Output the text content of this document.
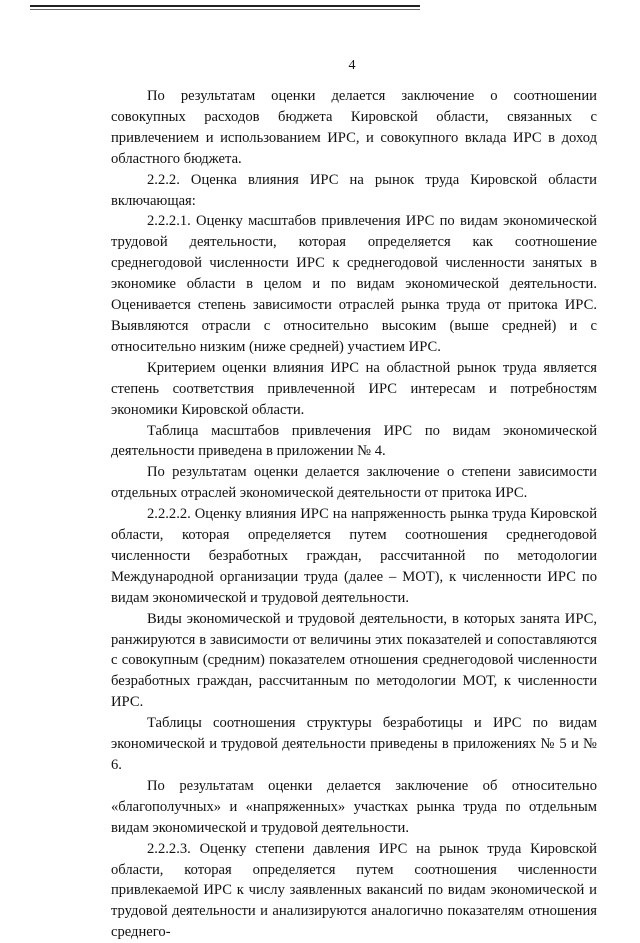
4

По результатам оценки делается заключение о соотношении совокупных расходов бюджета Кировской области, связанных с привлечением и использованием ИРС, и совокупного вклада ИРС в доход областного бюджета.

2.2.2. Оценка влияния ИРС на рынок труда Кировской области включающая:

2.2.2.1. Оценку масштабов привлечения ИРС по видам экономической трудовой деятельности, которая определяется как соотношение среднегодовой численности ИРС к среднегодовой численности занятых в экономике области в целом и по видам экономической деятельности. Оценивается степень зависимости отраслей рынка труда от притока ИРС. Выявляются отрасли с относительно высоким (выше средней) и с относительно низким (ниже средней) участием ИРС.

Критерием оценки влияния ИРС на областной рынок труда является степень соответствия привлеченной ИРС интересам и потребностям экономики Кировской области.

Таблица масштабов привлечения ИРС по видам экономической деятельности приведена в приложении № 4.

По результатам оценки делается заключение о степени зависимости отдельных отраслей экономической деятельности от притока ИРС.

2.2.2.2. Оценку влияния ИРС на напряженность рынка труда Кировской области, которая определяется путем соотношения среднегодовой численности безработных граждан, рассчитанной по методологии Международной организации труда (далее – МОТ), к численности ИРС по видам экономической и трудовой деятельности.

Виды экономической и трудовой деятельности, в которых занята ИРС, ранжируются в зависимости от величины этих показателей и сопоставляются с совокупным (средним) показателем отношения среднегодовой численности безработных граждан, рассчитанным по методологии МОТ, к численности ИРС.

Таблицы соотношения структуры безработицы и ИРС по видам экономической и трудовой деятельности приведены в приложениях № 5 и № 6.

По результатам оценки делается заключение об относительно «благополучных» и «напряженных» участках рынка труда по отдельным видам экономической и трудовой деятельности.

2.2.2.3. Оценку степени давления ИРС на рынок труда Кировской области, которая определяется путем соотношения численности привлекаемой ИРС к числу заявленных вакансий по видам экономической и трудовой деятельности и анализируются аналогично показателям отношения среднего-
